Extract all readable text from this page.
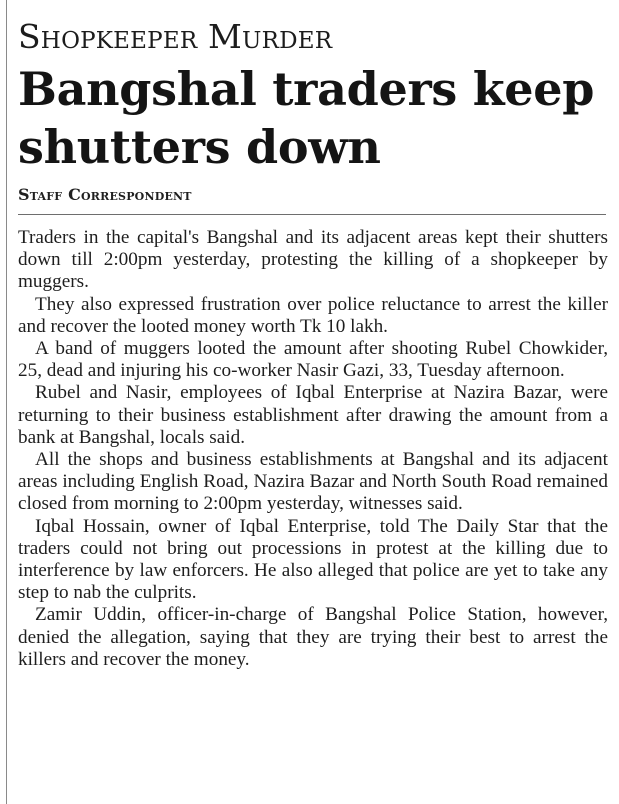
Shopkeeper Murder
Bangshal traders keep shutters down
Staff Correspondent

Traders in the capital's Bangshal and its adjacent areas kept their shutters down till 2:00pm yesterday, protesting the killing of a shopkeeper by muggers.

They also expressed frustration over police reluctance to arrest the killer and recover the looted money worth Tk 10 lakh.

A band of muggers looted the amount after shooting Rubel Chowkider, 25, dead and injuring his co-worker Nasir Gazi, 33, Tuesday afternoon.

Rubel and Nasir, employees of Iqbal Enterprise at Nazira Bazar, were returning to their business establishment after drawing the amount from a bank at Bangshal, locals said.

All the shops and business establishments at Bangshal and its adjacent areas including English Road, Nazira Bazar and North South Road remained closed from morning to 2:00pm yesterday, witnesses said.

Iqbal Hossain, owner of Iqbal Enterprise, told The Daily Star that the traders could not bring out processions in protest at the killing due to interference by law enforcers. He also alleged that police are yet to take any step to nab the culprits.

Zamir Uddin, officer-in-charge of Bangshal Police Station, however, denied the allegation, saying that they are trying their best to arrest the killers and recover the money.
